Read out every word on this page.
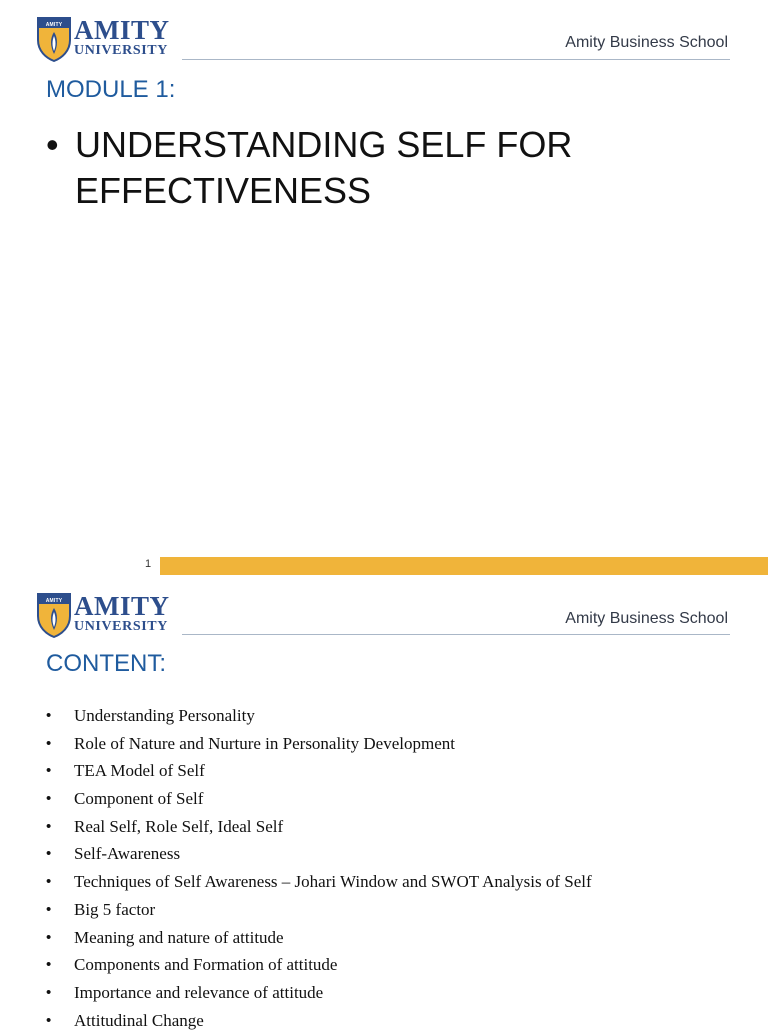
AMITY AMITY
UNIVERSITY	Amity Business School
MODULE 1:
• UNDERSTANDING SELF FOR
EFFECTIVENESS
1
AMITY AMITY
UNIVERSITY	Amity Business School
CONTENT:
• Understanding Personality
• Role of Nature and Nurture in Personality Development
• TEA Model of Self
• Component of Self
• Real Self, Role Self, Ideal Self
• Self-Awareness
• Techniques of Self Awareness – Johari Window and SWOT Analysis of Self
• Big 5 factor
• Meaning and nature of attitude
• Components and Formation of attitude
• Importance and relevance of attitude
• Attitudinal Change
